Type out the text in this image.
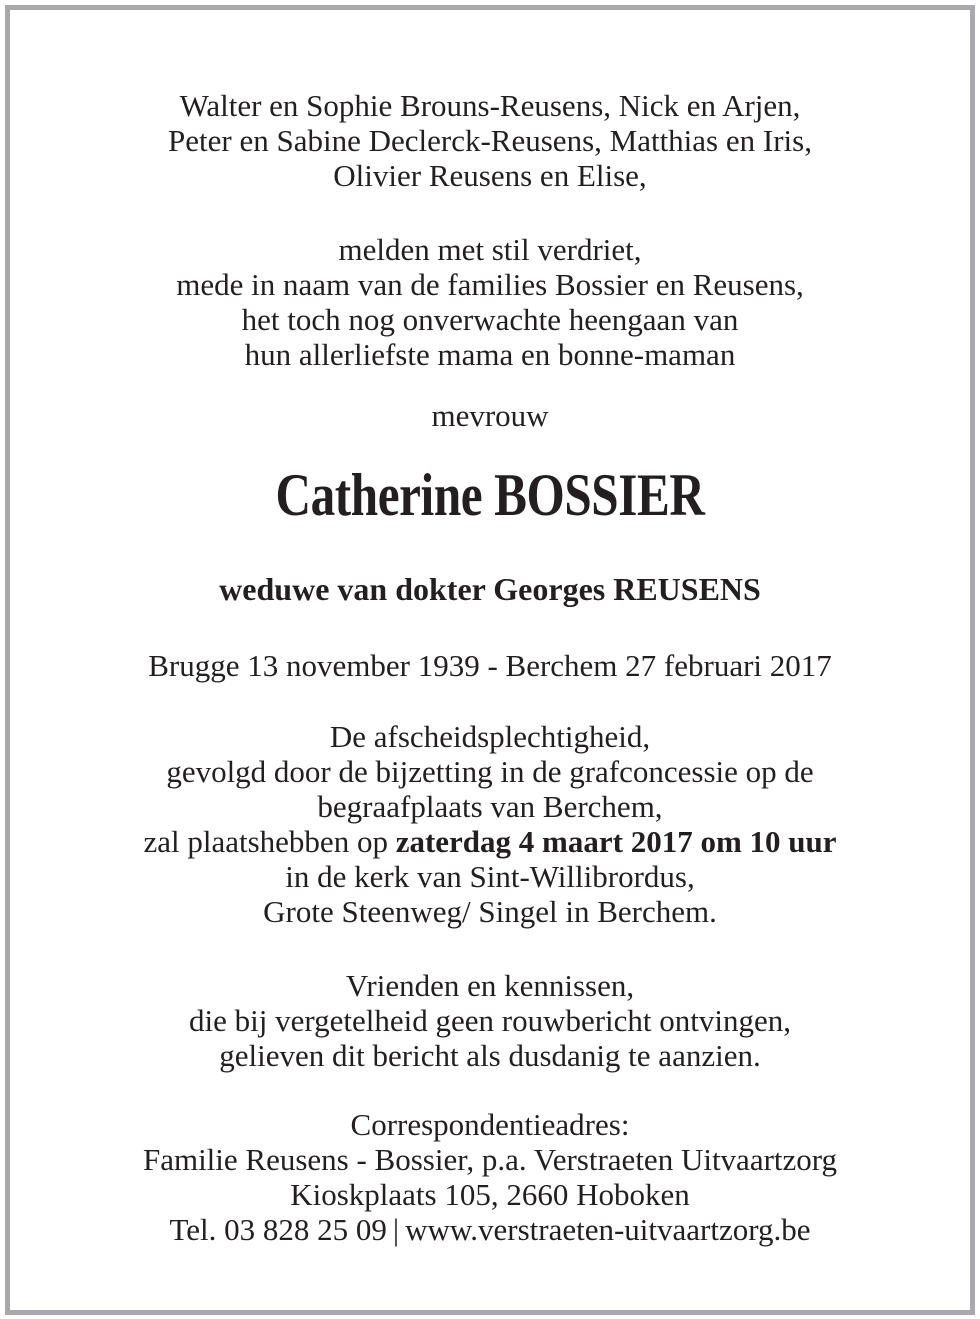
Walter en Sophie Brouns-Reusens, Nick en Arjen,
Peter en Sabine Declerck-Reusens, Matthias en Iris,
Olivier Reusens en Elise,
melden met stil verdriet,
mede in naam van de families Bossier en Reusens,
het toch nog onverwachte heengaan van
hun allerliefste mama en bonne-maman
mevrouw
Catherine BOSSIER
weduwe van dokter Georges REUSENS
Brugge 13 november 1939 - Berchem 27 februari 2017
De afscheidsplechtigheid,
gevolgd door de bijzetting in de grafconcessie op de
begraafplaats van Berchem,
zal plaatshebben op zaterdag 4 maart 2017 om 10 uur
in de kerk van Sint-Willibrordus,
Grote Steenweg/ Singel in Berchem.
Vrienden en kennissen,
die bij vergetelheid geen rouwbericht ontvingen,
gelieven dit bericht als dusdanig te aanzien.
Correspondentieadres:
Familie Reusens - Bossier, p.a. Verstraeten Uitvaartzorg
Kioskplaats 105, 2660 Hoboken
Tel. 03 828 25 09 | www.verstraeten-uitvaartzorg.be
